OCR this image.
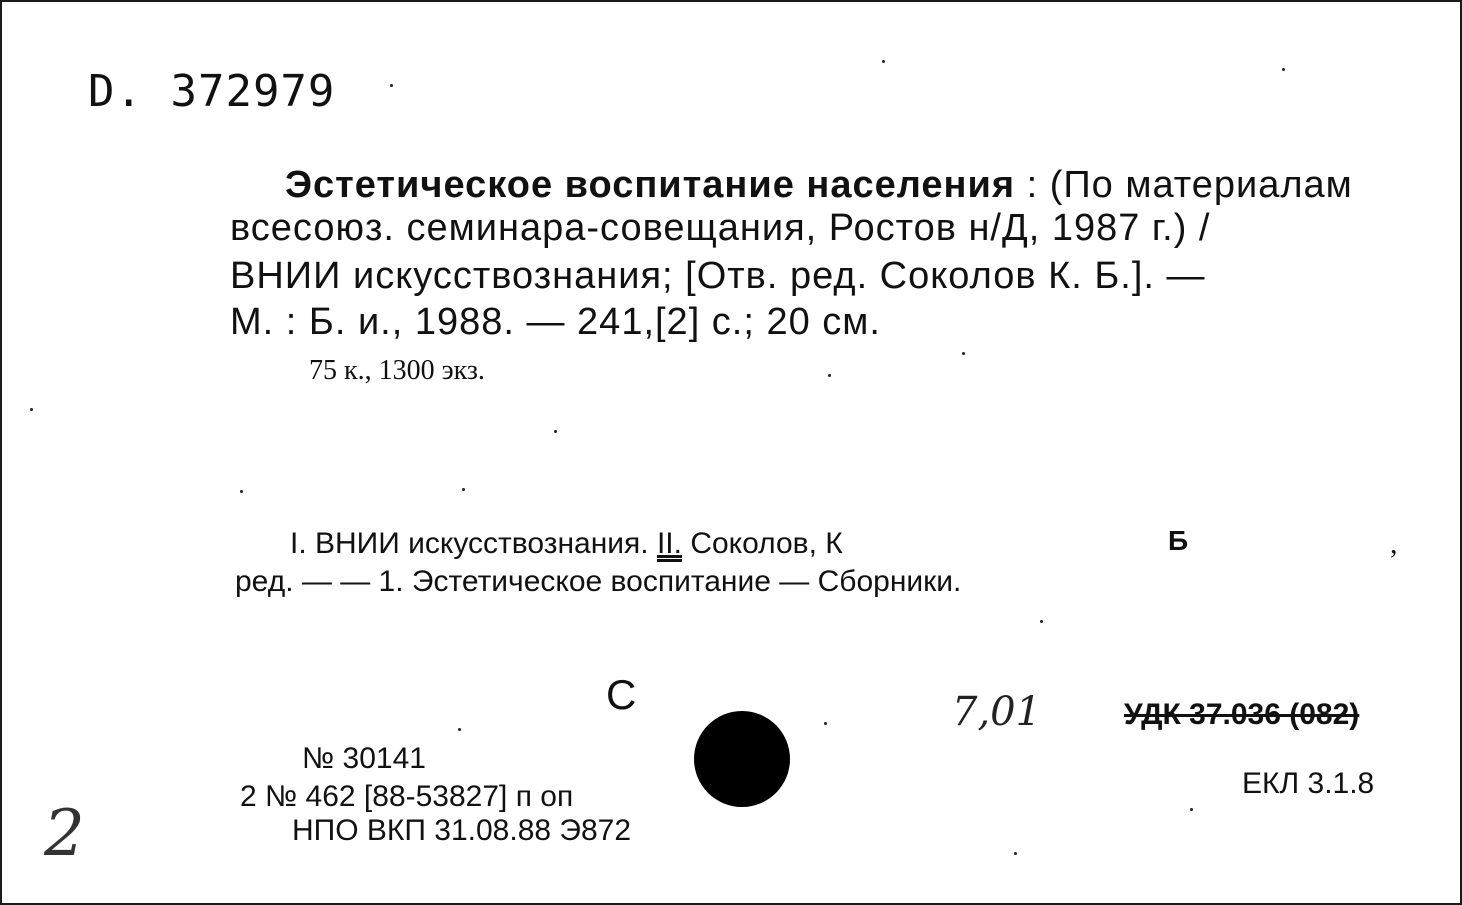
D. 372979
Эстетическое воспитание населения : (По материалам
всесоюз. семинара-совещания, Ростов н/Д, 1987 г.) /
ВНИИ искусствознания; [Отв. ред. Соколов К. Б.]. —
М. : Б. и., 1988. — 241,[2] с.; 20 см.
75 к., 1300 экз.
I. ВНИИ искусствознания. II. Соколов, К	Б	,
ред. — — 1. Эстетическое воспитание — Сборники.
С	7,01	УДК 37.036 (082)
№ 30141
2 № 462 [88-53827] п оп
НПО ВКП 31.08.88 Э872
ЕКЛ 3.1.8
2
